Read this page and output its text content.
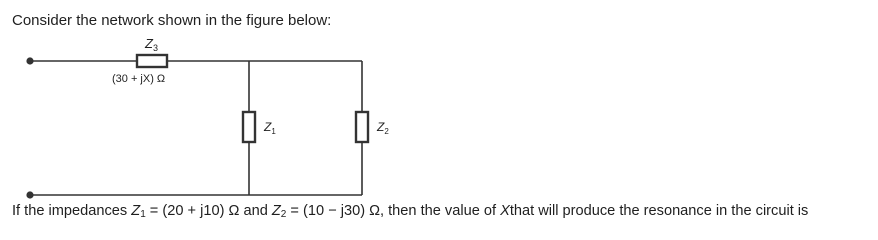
Consider the network shown in the figure below:
$Z_3$
(30 + jX) Ω
$Z_1$	$Z_2$
If the impedances $Z_1 = (20 + j10)$ Ω and $Z_2 = (10 - j30)$ Ω, then the value of Xthat will produce the resonance in the circuit is
